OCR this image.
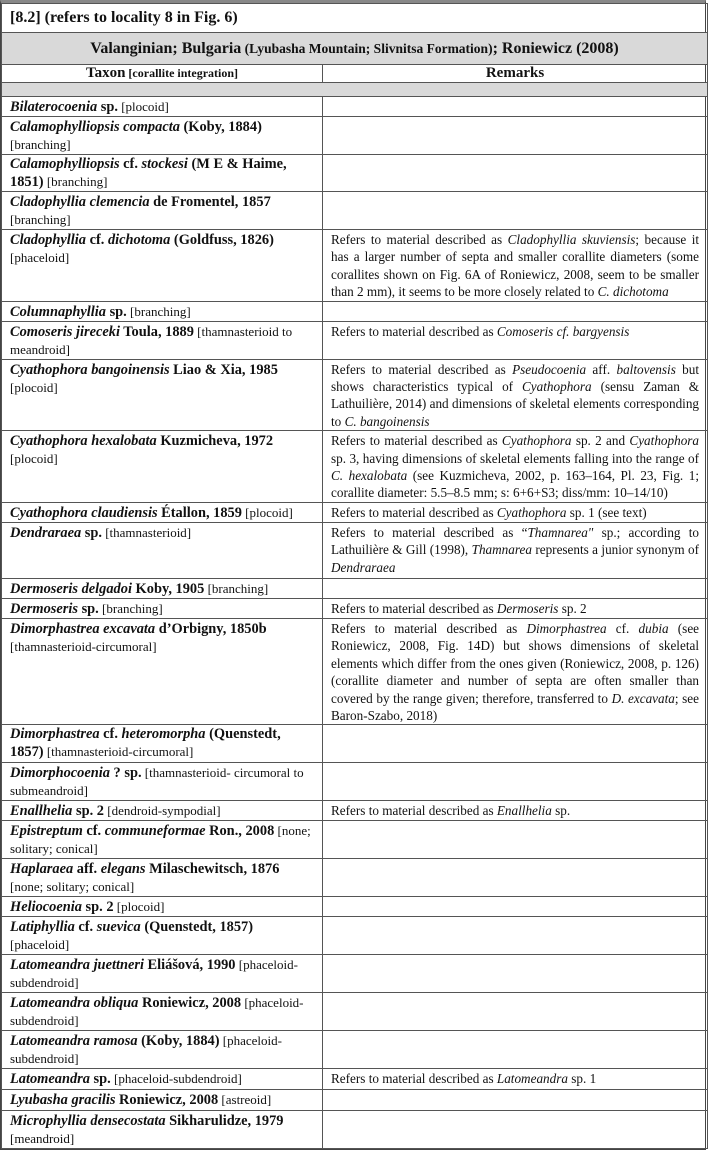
[8.2] (refers to locality 8 in Fig. 6)	
Valanginian; Bulgaria (Lyubasha Mountain; Slivnitsa Formation); Roniewicz (2008)	
Taxon [corallite integration]	Remarks

Bilaterocoenia sp. [plocoid]	
Calamophylliopsis compacta (Koby, 1884) [branching]	
Calamophylliopsis cf. stockesi (M E & Haime, 1851) [branching]	
Cladophyllia clemencia de Fromentel, 1857 [branching]	
Cladophyllia cf. dichotoma (Goldfuss, 1826) [phaceloid]	Refers to material described as Cladophyllia skuviensis; because it has a larger number of septa and smaller corallite diameters (some corallites shown on Fig. 6A of Roniewicz, 2008, seem to be smaller than 2 mm), it seems to be more closely related to C. dichotoma
Columnaphyllia sp. [branching]	
Comoseris jireceki Toula, 1889 [thamnasterioid to meandroid]	Refers to material described as Comoseris cf. bargyensis
Cyathophora bangoinensis Liao & Xia, 1985 [plocoid]	Refers to material described as Pseudocoenia aff. baltovensis but shows characteristics typical of Cyathophora (sensu Zaman & Lathuilière, 2014) and dimensions of skeletal elements corresponding to C. bangoinensis
Cyathophora hexalobata Kuzmicheva, 1972 [plocoid]	Refers to material described as Cyathophora sp. 2 and Cyathophora sp. 3, having dimensions of skeletal elements falling into the range of C. hexalobata (see Kuzmicheva, 2002, p. 163–164, Pl. 23, Fig. 1; corallite diameter: 5.5–8.5 mm; s: 6+6+S3; diss/mm: 10–14/10)
Cyathophora claudiensis Étallon, 1859 [plocoid]	Refers to material described as Cyathophora sp. 1 (see text)
Dendraraea sp. [thamnasterioid]	Refers to material described as “Thamnarea" sp.; according to Lathuilière & Gill (1998), Thamnarea represents a junior synonym of Dendraraea
Dermoseris delgadoi Koby, 1905 [branching]	
Dermoseris sp. [branching]	Refers to material described as Dermoseris sp. 2
Dimorphastrea excavata d’Orbigny, 1850b [thamnasterioid-circumoral]	Refers to material described as Dimorphastrea cf. dubia (see Roniewicz, 2008, Fig. 14D) but shows dimensions of skeletal elements which differ from the ones given (Roniewicz, 2008, p. 126) (corallite diameter and number of septa are often smaller than covered by the range given; therefore, transferred to D. excavata; see Baron-Szabo, 2018)
Dimorphastrea cf. heteromorpha (Quenstedt, 1857) [thamnasterioid-circumoral]	
Dimorphocoenia ? sp. [thamnasterioid- circumoral to submeandroid]	
Enallhelia sp. 2 [dendroid-sympodial]	Refers to material described as Enallhelia sp.
Epistreptum cf. communeformae Ron., 2008 [none; solitary; conical]	
Haplaraea aff. elegans Milaschewitsch, 1876 [none; solitary; conical]	
Heliocoenia sp. 2 [plocoid]	
Latiphyllia cf. suevica (Quenstedt, 1857) [phaceloid]	
Latomeandra juettneri Eliášová, 1990 [phaceloid-subdendroid]	
Latomeandra obliqua Roniewicz, 2008 [phaceloid-subdendroid]	
Latomeandra ramosa (Koby, 1884) [phaceloid-subdendroid]	
Latomeandra sp. [phaceloid-subdendroid]	Refers to material described as Latomeandra sp. 1
Lyubasha gracilis Roniewicz, 2008 [astreoid]	
Microphyllia densecostata Sikharulidze, 1979 [meandroid]	
